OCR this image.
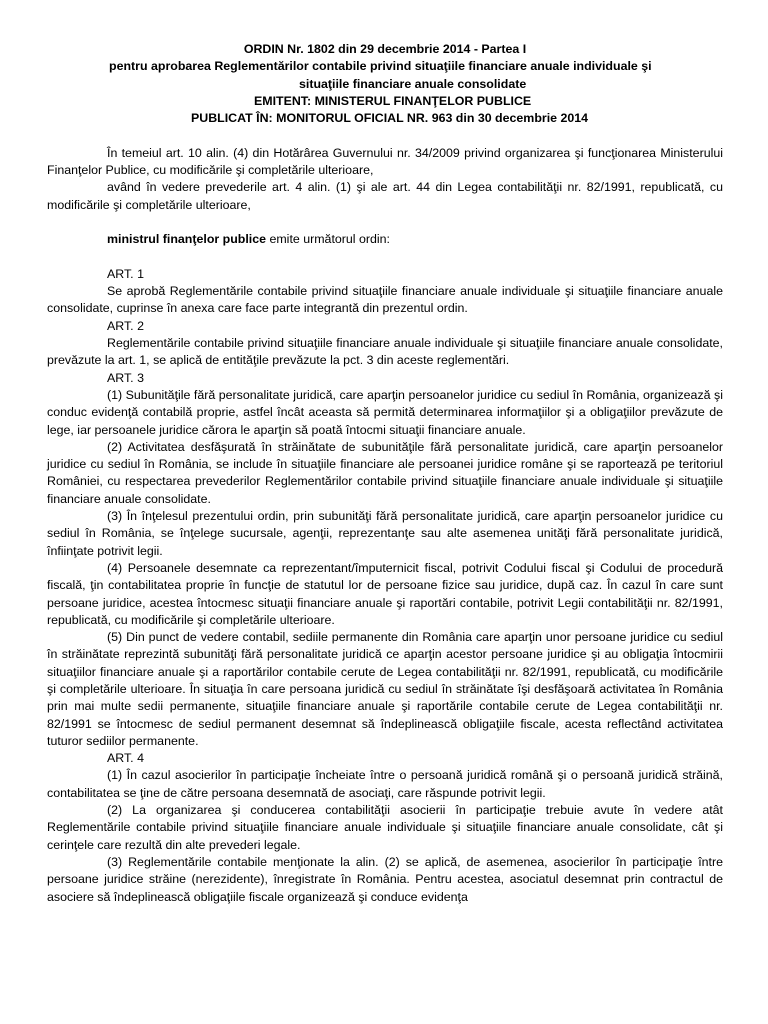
ORDIN Nr. 1802 din 29 decembrie 2014 - Partea I
pentru aprobarea Reglementărilor contabile privind situaţiile financiare anuale individuale şi
situaţiile financiare anuale consolidate
EMITENT: MINISTERUL FINANŢELOR PUBLICE
PUBLICAT ÎN: MONITORUL OFICIAL NR. 963 din 30 decembrie 2014

În temeiul art. 10 alin. (4) din Hotărârea Guvernului nr. 34/2009 privind organizarea şi funcţionarea Ministerului Finanţelor Publice, cu modificările şi completările ulterioare,

având în vedere prevederile art. 4 alin. (1) şi ale art. 44 din Legea contabilităţii nr. 82/1991, republicată, cu modificările şi completările ulterioare,

ministrul finanţelor publice emite următorul ordin:

ART. 1

Se aprobă Reglementările contabile privind situaţiile financiare anuale individuale şi situaţiile financiare anuale consolidate, cuprinse în anexa care face parte integrantă din prezentul ordin.

ART. 2

Reglementările contabile privind situaţiile financiare anuale individuale şi situaţiile financiare anuale consolidate, prevăzute la art. 1, se aplică de entităţile prevăzute la pct. 3 din aceste reglementări.

ART. 3

(1) Subunităţile fără personalitate juridică, care aparţin persoanelor juridice cu sediul în România, organizează şi conduc evidenţă contabilă proprie, astfel încât aceasta să permită determinarea informaţiilor şi a obligaţiilor prevăzute de lege, iar persoanele juridice cărora le aparţin să poată întocmi situaţii financiare anuale.

(2) Activitatea desfăşurată în străinătate de subunităţile fără personalitate juridică, care aparţin persoanelor juridice cu sediul în România, se include în situaţiile financiare ale persoanei juridice române şi se raportează pe teritoriul României, cu respectarea prevederilor Reglementărilor contabile privind situaţiile financiare anuale individuale şi situaţiile financiare anuale consolidate.

(3) În înţelesul prezentului ordin, prin subunităţi fără personalitate juridică, care aparţin persoanelor juridice cu sediul în România, se înţelege sucursale, agenţii, reprezentanţe sau alte asemenea unităţi fără personalitate juridică, înfiinţate potrivit legii.

(4) Persoanele desemnate ca reprezentant/împuternicit fiscal, potrivit Codului fiscal şi Codului de procedură fiscală, ţin contabilitatea proprie în funcţie de statutul lor de persoane fizice sau juridice, după caz. În cazul în care sunt persoane juridice, acestea întocmesc situaţii financiare anuale şi raportări contabile, potrivit Legii contabilităţii nr. 82/1991, republicată, cu modificările şi completările ulterioare.

(5) Din punct de vedere contabil, sediile permanente din România care aparţin unor persoane juridice cu sediul în străinătate reprezintă subunităţi fără personalitate juridică ce aparţin acestor persoane juridice şi au obligaţia întocmirii situaţiilor financiare anuale şi a raportărilor contabile cerute de Legea contabilităţii nr. 82/1991, republicată, cu modificările şi completările ulterioare. În situaţia în care persoana juridică cu sediul în străinătate îşi desfăşoară activitatea în România prin mai multe sedii permanente, situaţiile financiare anuale şi raportările contabile cerute de Legea contabilităţii nr. 82/1991 se întocmesc de sediul permanent desemnat să îndeplinească obligaţiile fiscale, acesta reflectând activitatea tuturor sediilor permanente.

ART. 4

(1) În cazul asocierilor în participaţie încheiate între o persoană juridică română şi o persoană juridică străină, contabilitatea se ţine de către persoana desemnată de asociaţi, care răspunde potrivit legii.

(2) La organizarea şi conducerea contabilităţii asocierii în participaţie trebuie avute în vedere atât Reglementările contabile privind situaţiile financiare anuale individuale şi situaţiile financiare anuale consolidate, cât şi cerinţele care rezultă din alte prevederi legale.

(3) Reglementările contabile menţionate la alin. (2) se aplică, de asemenea, asocierilor în participaţie între persoane juridice străine (nerezidente), înregistrate în România. Pentru acestea, asociatul desemnat prin contractul de asociere să îndeplinească obligaţiile fiscale organizează şi conduce evidenţa
